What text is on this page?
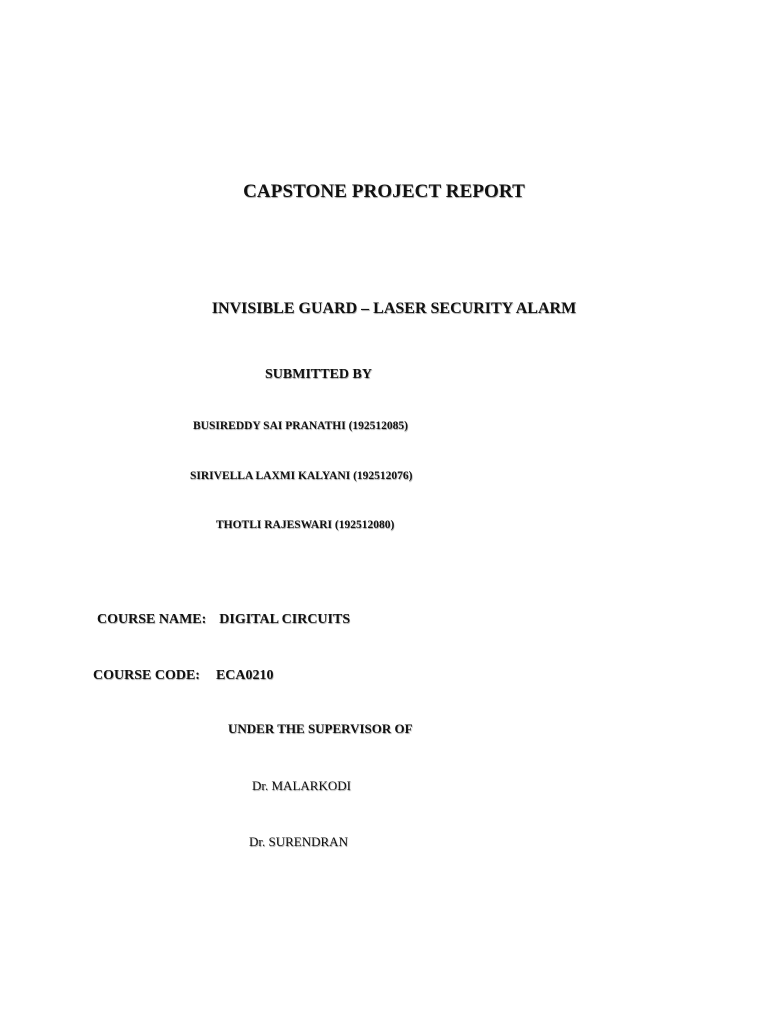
CAPSTONE PROJECT REPORT
INVISIBLE GUARD – LASER SECURITY ALARM
SUBMITTED BY
BUSIREDDY SAI PRANATHI (192512085)
SIRIVELLA LAXMI KALYANI (192512076)
THOTLI RAJESWARI (192512080)
COURSE NAME: DIGITAL CIRCUITS
COURSE CODE: ECA0210
UNDER THE SUPERVISOR OF
Dr. MALARKODI
Dr. SURENDRAN
